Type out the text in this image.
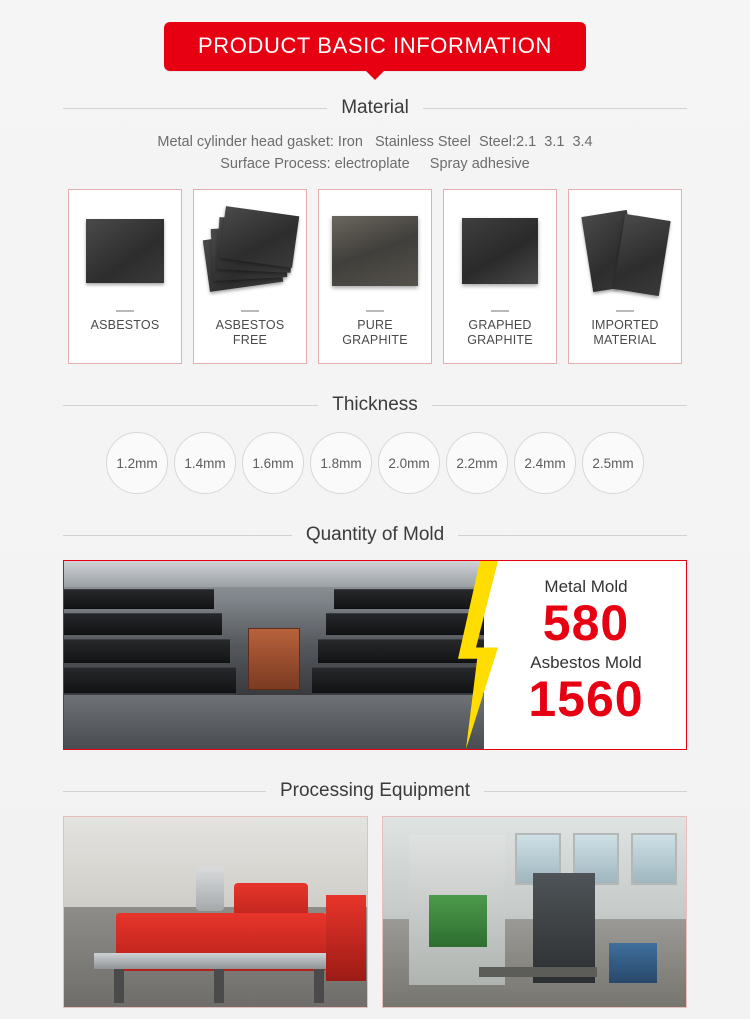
PRODUCT BASIC INFORMATION
Material
Metal cylinder head gasket: Iron   Stainless Steel  Steel:2.1  3.1  3.4
Surface Process: electroplate     Spray adhesive
ASBESTOS	ASBESTOS
FREE
PURE
GRAPHITE
GRAPHED
GRAPHITE
IMPORTED
MATERIAL
Thickness
1.2mm	1.4mm	1.6mm	1.8mm	2.0mm	2.2mm	2.4mm	2.5mm
Quantity of Mold
Metal Mold
580
Asbestos Mold
1560
Processing Equipment
